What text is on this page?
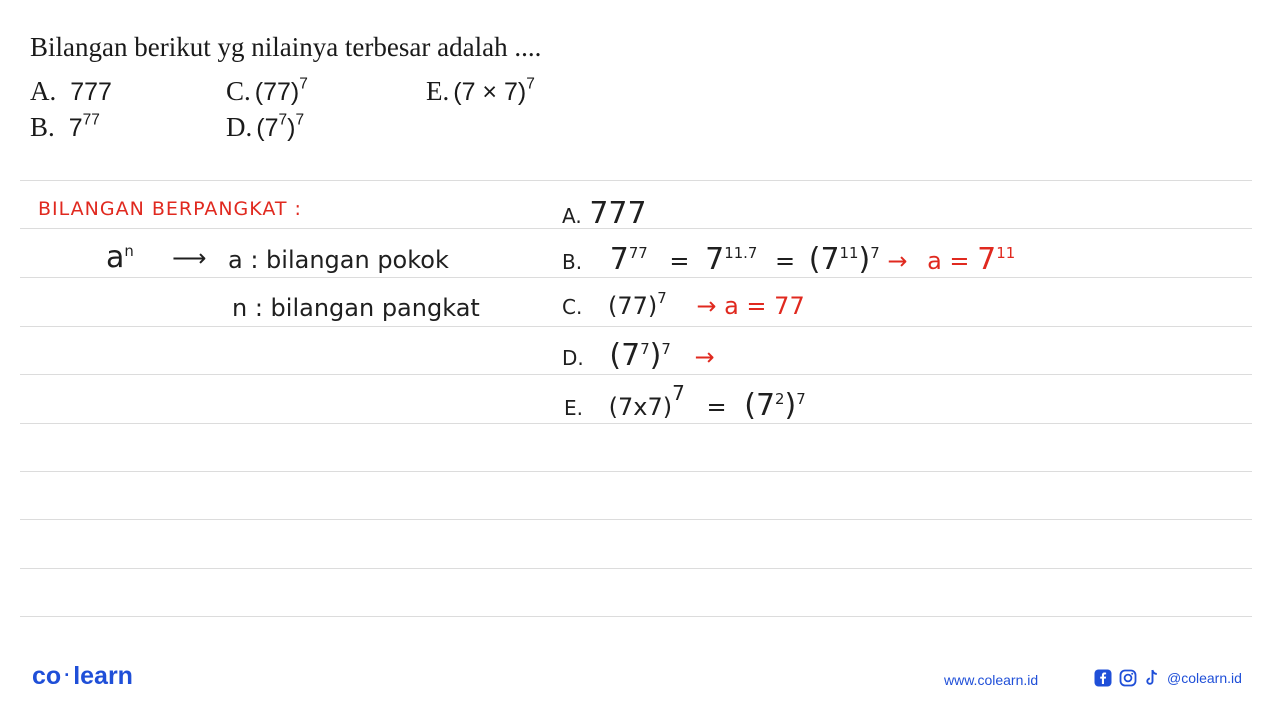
Bilangan berikut yg nilainya terbesar adalah ....
A. 777
B. $7^{77}$
C. $(77)^7$
D. $(7^7)^7$
E. $(7 \times 7)^7$
BILANGAN BERPANGKAT :
$a^n$ ⟶ a : bilangan pokok
n : bilangan pangkat
A. 777
B. $7^{77} = 7^{11.7} = (7^{11})^7 \to a = 7^{11}$
C. $(77)^7 \to a = 77$
D. $(7^7)^7$ →
E. $(7x7)^7 = (7^2)^7$
co · learn	www.colearn.id	@colearn.id
